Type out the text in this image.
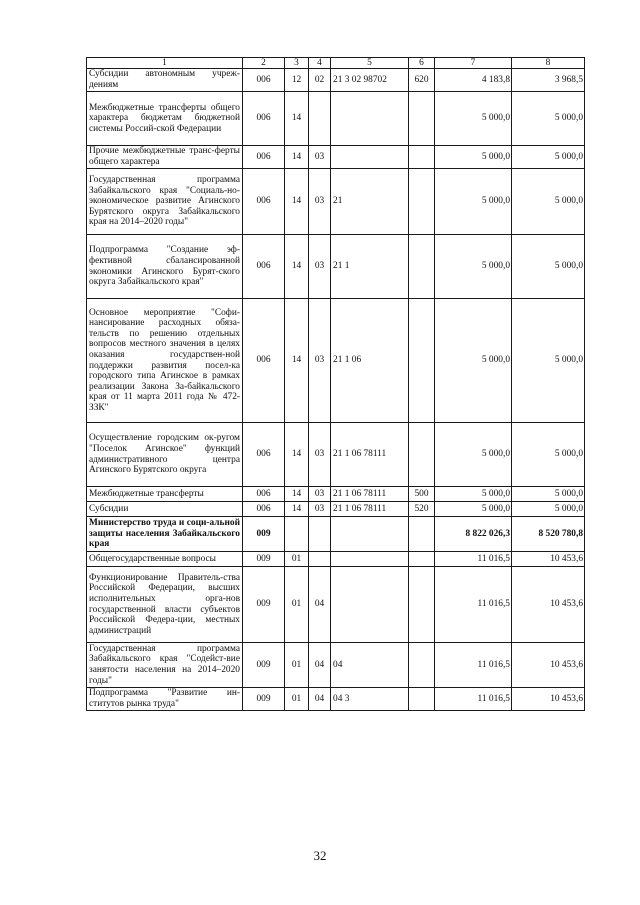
1	2	3	4	5	6	7	8
Субсидии автономным учреж- дениям	006	12	02	21 3 02 98702	620	4 183,8	3 968,5
Межбюджетные трансферты общего характера бюджетам бюджетной системы Россий-ской Федерации	006	14				5 000,0	5 000,0
Прочие межбюджетные транс-ферты общего характера	006	14	03			5 000,0	5 000,0
Государственная программа Забайкальского края "Социаль-но-экономическое развитие Агинского Бурятского округа Забайкальского края на 2014–2020 годы"	006	14	03	21		5 000,0	5 000,0
Подпрограмма "Создание эф-фективной сбалансированной экономики Агинского Бурят-ского округа Забайкальского края"	006	14	03	21 1		5 000,0	5 000,0
Основное мероприятие "Софи-нансирование расходных обяза-тельств по решению отдельных вопросов местного значения в целях оказания государствен-ной поддержки развития посел-ка городского типа Агинское в рамках реализации Закона За-байкальского края от 11 марта 2011 года № 472-ЗЗК"	006	14	03	21 1 06		5 000,0	5 000,0
Осуществление городским ок-ругом "Поселок Агинское" функций административного центра Агинского Бурятского округа	006	14	03	21 1 06 78111		5 000,0	5 000,0
Межбюджетные трансферты	006	14	03	21 1 06 78111	500	5 000,0	5 000,0
Субсидии	006	14	03	21 1 06 78111	520	5 000,0	5 000,0
Министерство труда и соци-альной защиты населения Забайкальского края	009					8 822 026,3	8 520 780,8
Общегосударственные вопросы	009	01				11 016,5	10 453,6
Функционирование Правитель-ства Российской Федерации, высших исполнительных орга-нов государственной власти субъектов Российской Федера-ции, местных администраций	009	01	04			11 016,5	10 453,6
Государственная программа Забайкальского края "Содейст-вие занятости населения на 2014–2020 годы"	009	01	04	04		11 016,5	10 453,6
Подпрограмма "Развитие ин-ститутов рынка труда"	009	01	04	04 3		11 016,5	10 453,6
32
